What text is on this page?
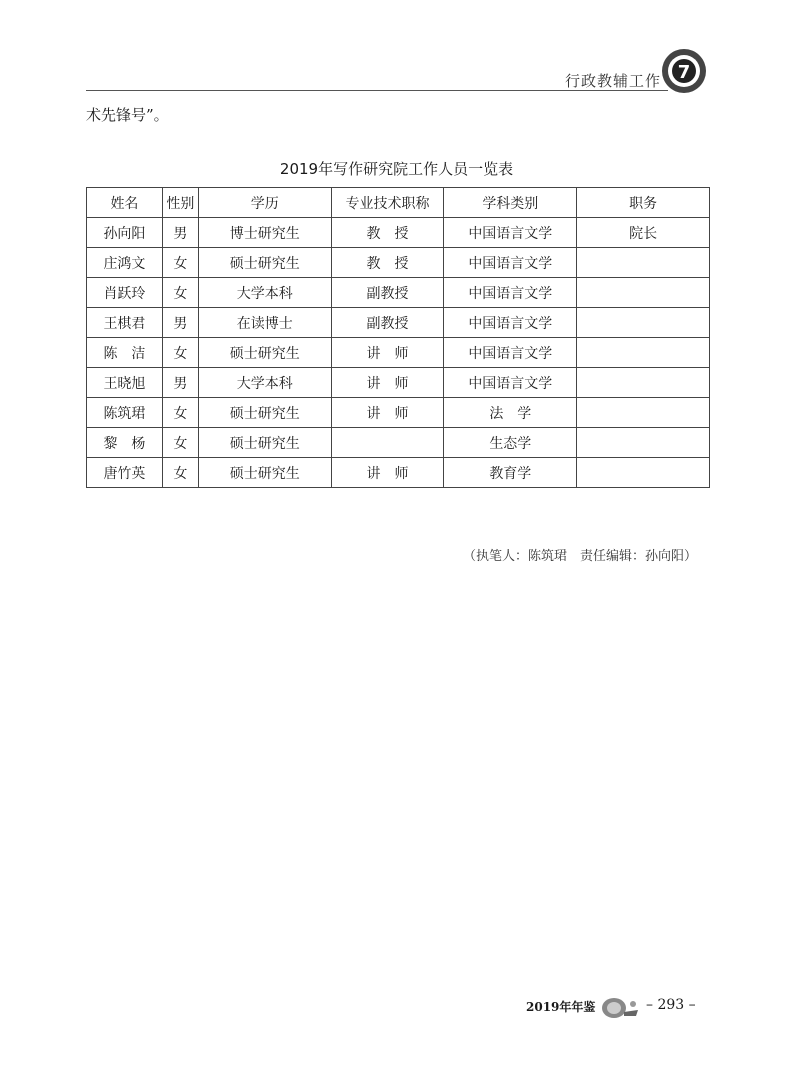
行政教辅工作 7
术先锋号”。
2019年写作研究院工作人员一览表
姓名	性别	学历	专业技术职称	学科类别	职务
孙向阳	男	博士研究生	教　授	中国语言文学	院长
庄鸿文	女	硕士研究生	教　授	中国语言文学	
肖跃玲	女	大学本科	副教授	中国语言文学	
王棋君	男	在读博士	副教授	中国语言文学	
陈　洁	女	硕士研究生	讲　师	中国语言文学	
王晓旭	男	大学本科	讲　师	中国语言文学	
陈筑珺	女	硕士研究生	讲　师	法　学	
黎　杨	女	硕士研究生		生态学	
唐竹英	女	硕士研究生	讲　师	教育学	
（执笔人：陈筑珺　责任编辑：孙向阳）
2019年年鉴	– 293 –
